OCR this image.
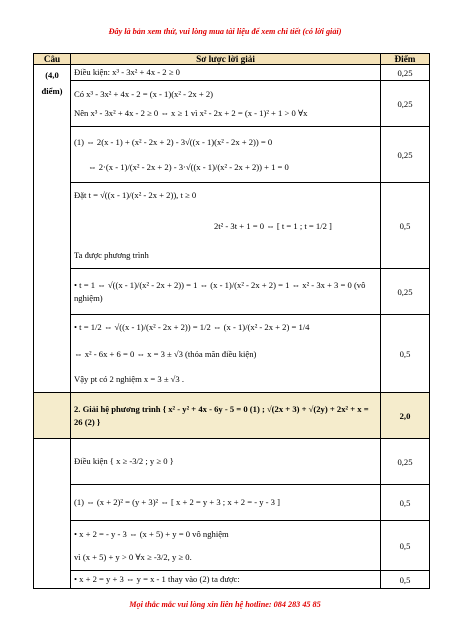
Đây là bản xem thử, vui lòng mua tài liệu để xem chi tiết (có lời giải)
Câu	Sơ lược lời giải	Điểm
(4,0 điểm)	Điều kiện: x³ - 3x² + 4x - 2 ≥ 0	0,25

	Có x³ - 3x² + 4x - 2 = (x - 1)(x² - 2x + 2)
Nên x³ - 3x² + 4x - 2 ≥ 0 ⇔ x ≥ 1 vì x² - 2x + 2 = (x - 1)² + 1 > 0 ∀x	0,25

	(1) ⇔ 2(x - 1) + (x² - 2x + 2) - 3√((x - 1)(x² - 2x + 2)) = 0
⇔ 2·(x - 1)/(x² - 2x + 2) - 3·√((x - 1)/(x² - 2x + 2)) + 1 = 0	0,25

	Đặt t = √((x - 1)/(x² - 2x + 2)), t ≥ 0
2t² - 3t + 1 = 0 ⇔ [ t = 1 ; t = 1/2 ]
Ta được phương trình	0,5

	• t = 1 ⇔ √((x - 1)/(x² - 2x + 2)) = 1 ⇔ (x - 1)/(x² - 2x + 2) = 1 ⇔ x² - 3x + 3 = 0 (vô nghiệm)	0,25

	• t = 1/2 ⇔ √((x - 1)/(x² - 2x + 2)) = 1/2 ⇔ (x - 1)/(x² - 2x + 2) = 1/4
⇔ x² - 6x + 6 = 0 ⇔ x = 3 ± √3 (thỏa mãn điều kiện)
Vậy pt có 2 nghiệm x = 3 ± √3 .	0,5

	2. Giải hệ phương trình { x² - y² + 4x - 6y - 5 = 0 (1) ; √(2x + 3) + √(2y) + 2x² + x = 26 (2) }	2,0

	Điều kiện { x ≥ -3/2 ; y ≥ 0 }	0,25

	(1) ⇔ (x + 2)² = (y + 3)² ⇔ [ x + 2 = y + 3 ; x + 2 = - y - 3 ]	0,5

	• x + 2 = - y - 3 ⇔ (x + 5) + y = 0 vô nghiệm
vì (x + 5) + y > 0 ∀x ≥ -3/2, y ≥ 0.	0,5

	• x + 2 = y + 3 ⇔ y = x - 1 thay vào (2) ta được:	0,5
Mọi thắc mắc vui lòng xin liên hệ hotline: 084 283 45 85
